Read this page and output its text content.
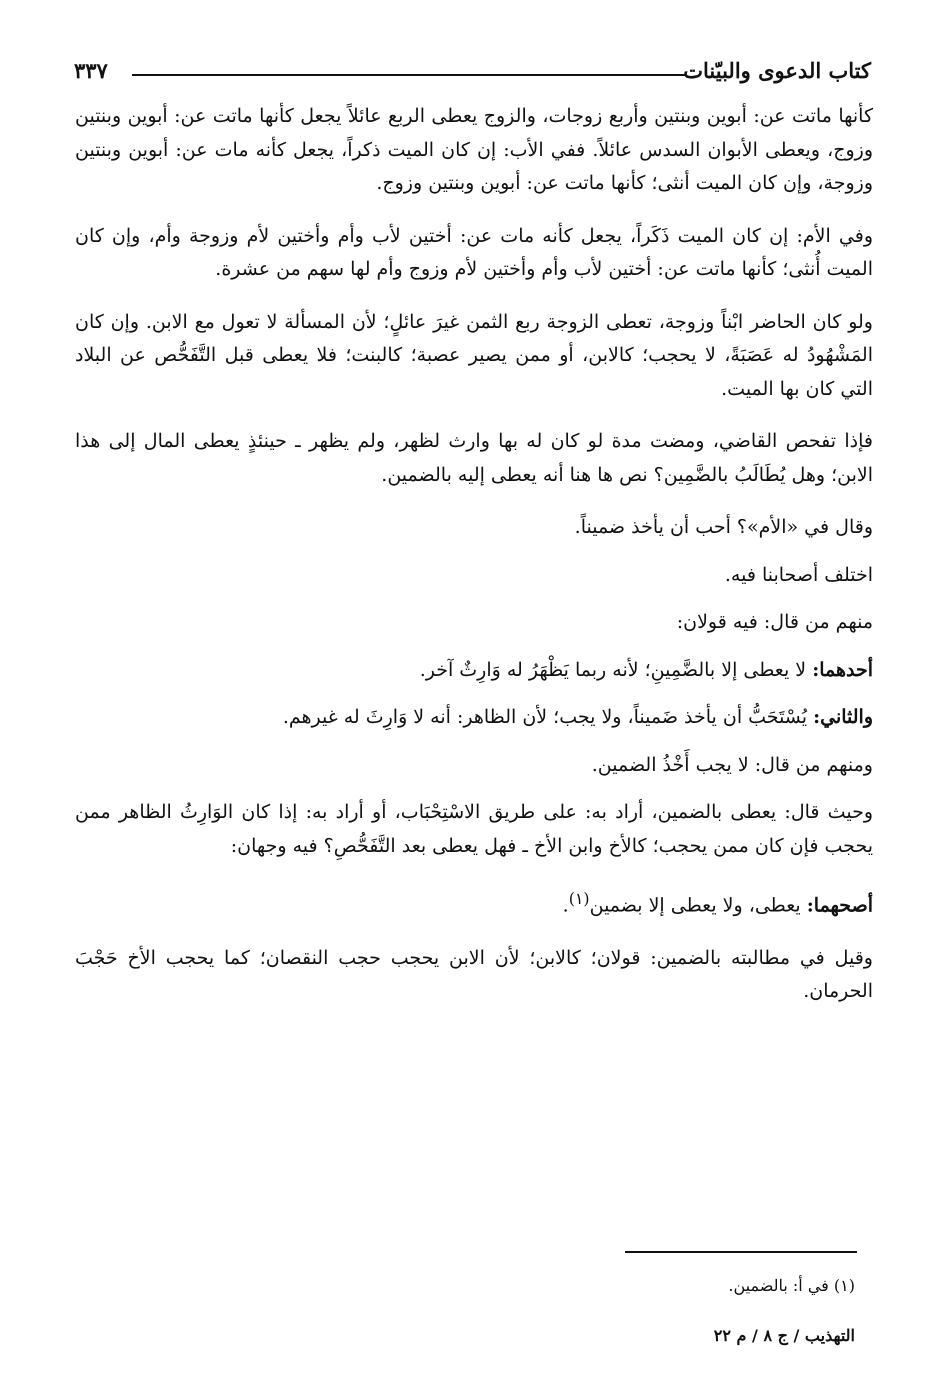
كتاب الدعوى والبيّنات
٣٣٧

كأنها ماتت عن: أبوين وبنتين وأربع زوجات، والزوج يعطى الربع عائلاً يجعل كأنها ماتت عن: أبوين وبنتين وزوج، ويعطى الأبوان السدس عائلاً. ففي الأب: إن كان الميت ذكراً، يجعل كأنه مات عن: أبوين وبنتين وزوجة، وإن كان الميت أنثى؛ كأنها ماتت عن: أبوين وبنتين وزوج.

وفي الأم: إن كان الميت ذَكَراً، يجعل كأنه مات عن: أختين لأب وأم وأختين لأم وزوجة وأم، وإن كان الميت أُنثى؛ كأنها ماتت عن: أختين لأب وأم وأختين لأم وزوج وأم لها سهم من عشرة.

ولو كان الحاضر ابْناً وزوجة، تعطى الزوجة ربع الثمن غيرَ عائلٍ؛ لأن المسألة لا تعول مع الابن. وإن كان المَشْهُودُ له عَصَبَةً، لا يحجب؛ كالابن، أو ممن يصير عصبة؛ كالبنت؛ فلا يعطى قبل التَّفَحُّص عن البلاد التي كان بها الميت.

فإذا تفحص القاضي، ومضت مدة لو كان له بها وارث لظهر، ولم يظهر ـ حينئذٍ يعطى المال إلى هذا الابن؛ وهل يُطَالَبُ بالضَّمِين؟ نص ها هنا أنه يعطى إليه بالضمين.

وقال في «الأم»؟ أحب أن يأخذ ضميناً.

اختلف أصحابنا فيه.

منهم من قال: فيه قولان:

أحدهما: لا يعطى إلا بالضَّمِينِ؛ لأنه ربما يَظْهَرُ له وَارِثٌ آخر.

والثاني: يُسْتَحَبُّ أن يأخذ ضَميناً، ولا يجب؛ لأن الظاهر: أنه لا وَارِثَ له غيرهم.

ومنهم من قال: لا يجب أَخْذُ الضمين.

وحيث قال: يعطى بالضمين، أراد به: على طريق الاسْتِحْبَاب، أو أراد به: إذا كان الوَارِثُ الظاهر ممن يحجب فإن كان ممن يحجب؛ كالأخ وابن الأخ ـ فهل يعطى بعد التَّفَحُّصِ؟ فيه وجهان:

أصحهما: يعطى، ولا يعطى إلا بضمين$^{(١)}$.

وقيل في مطالبته بالضمين: قولان؛ كالابن؛ لأن الابن يحجب حجب النقصان؛ كما يحجب الأخ حَجْبَ الحرمان.

(١) في أ: بالضمين.
التهذيب / ج ٨ / م ٢٢
